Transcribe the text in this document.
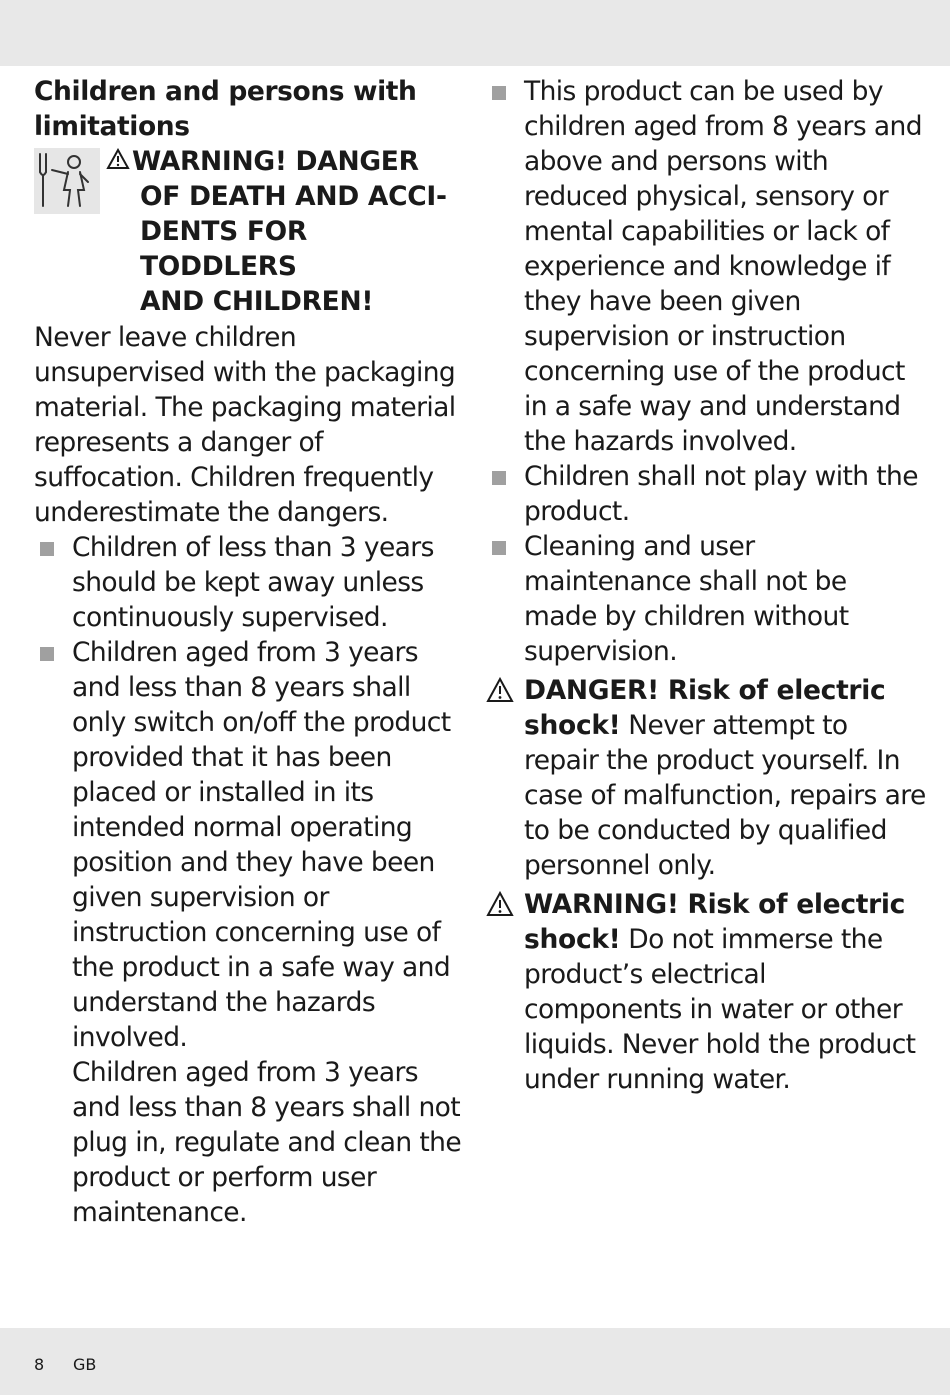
Children and persons with limitations
WARNING! DANGER
OF DEATH AND ACCI-
DENTS FOR TODDLERS
AND CHILDREN!
Never leave children unsupervised with the packaging material. The packaging material represents a danger of suffocation. Children frequently underestimate the dangers.
Children of less than 3 years should be kept away unless continuously supervised.
Children aged from 3 years and less than 8 years shall only switch on/off the product provided that it has been placed or installed in its intended normal operating position and they have been given supervision or instruction concerning use of the product in a safe way and understand the hazards involved.
Children aged from 3 years and less than 8 years shall not plug in, regulate and clean the product or perform user maintenance.
This product can be used by children aged from 8 years and above and persons with reduced physical, sensory or mental capabilities or lack of experience and knowledge if they have been given supervision or instruction concerning use of the product in a safe way and understand the hazards involved.
Children shall not play with the product.
Cleaning and user maintenance shall not be made by children without supervision.
DANGER! Risk of electric shock! Never attempt to repair the product yourself. In case of malfunction, repairs are to be conducted by qualified personnel only.
WARNING! Risk of electric shock! Do not immerse the product’s electrical components in water or other liquids. Never hold the product under running water.
8 GB
